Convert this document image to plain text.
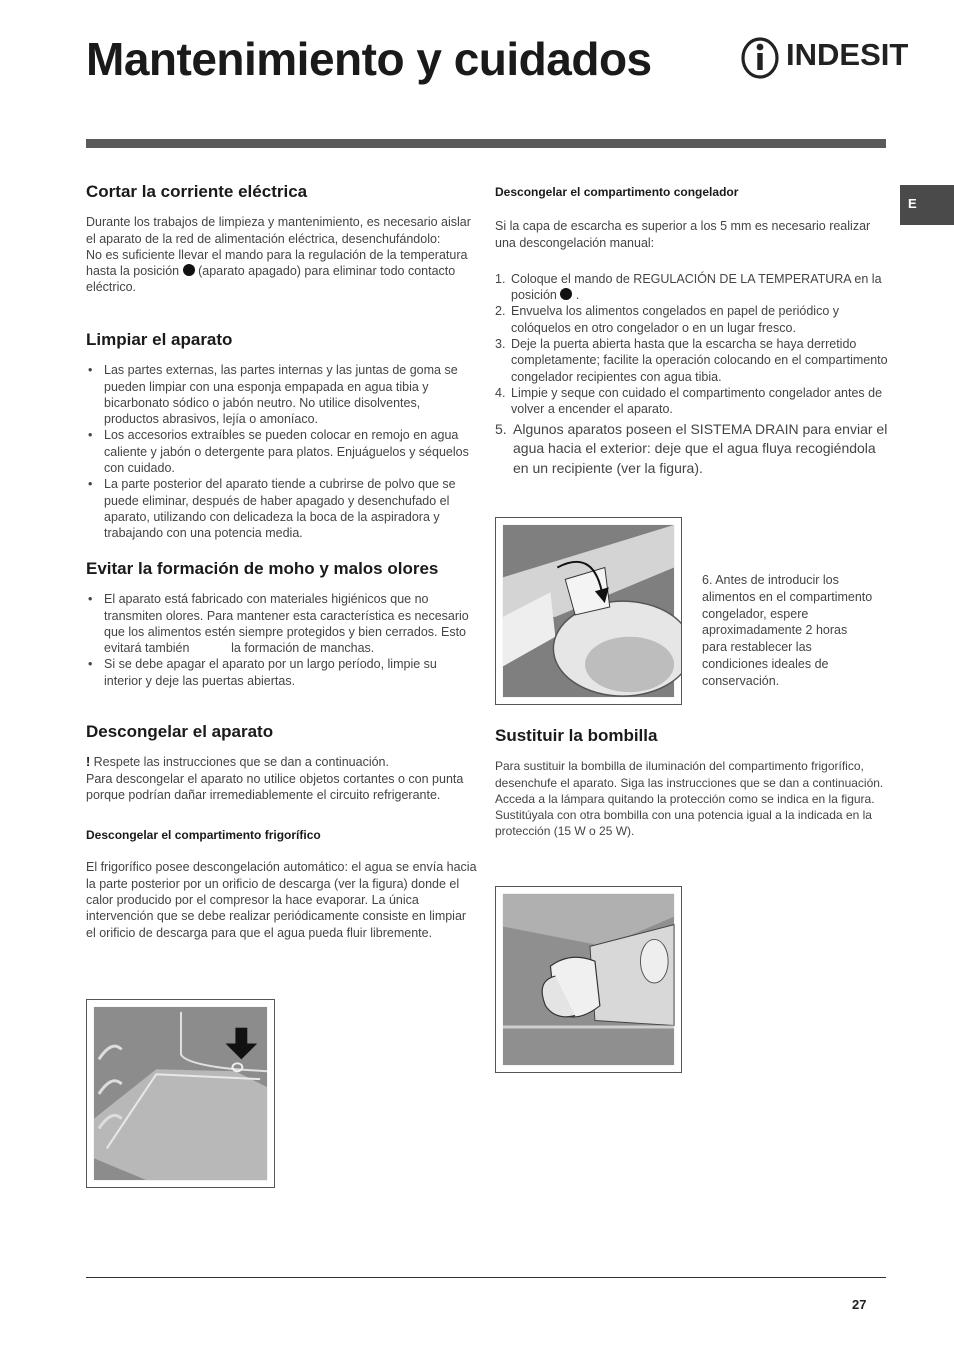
Mantenimiento y cuidados	INDESIT
E
Cortar la corriente eléctrica

Durante los trabajos de limpieza y mantenimiento, es necesario aislar el aparato de la red de alimentación eléctrica, desenchufándolo:

No es suficiente llevar el mando para la regulación de la temperatura hasta la posición (aparato apagado) para eliminar todo contacto eléctrico.

Limpiar el aparato
• Las partes externas, las partes internas y las juntas de goma se pueden limpiar con una esponja empapada en agua tibia y bicarbonato sódico o jabón neutro. No utilice disolventes, productos abrasivos, lejía o amoníaco.
• Los accesorios extraíbles se pueden colocar en remojo en agua caliente y jabón o detergente para platos. Enjuáguelos y séquelos con cuidado.
• La parte posterior del aparato tiende a cubrirse de polvo que se puede eliminar, después de haber apagado y desenchufado el aparato, utilizando con delicadeza la boca de la aspiradora y trabajando con una potencia media.
Evitar la formación de moho y malos olores
• El aparato está fabricado con materiales higiénicos que no transmiten olores. Para mantener esta característica es necesario que los alimentos estén siempre protegidos y bien cerrados. Esto evitará también	la formación de manchas.
• Si se debe apagar el aparato por un largo período, limpie su interior y deje las puertas abiertas.
Descongelar el aparato

! Respete las instrucciones que se dan a continuación.

Para descongelar el aparato no utilice objetos cortantes o con punta porque podrían dañar irremediablemente el circuito refrigerante.

Descongelar el compartimento frigorífico

El frigorífico posee descongelación automático: el agua se envía hacia la parte posterior por un orificio de descarga (ver la figura) donde el calor producido por el compresor la hace evaporar. La única intervención que se debe realizar periódicamente consiste en limpiar el orificio de descarga para que el agua pueda fluir libremente.

Descongelar el compartimento congelador

Si la capa de escarcha es superior a los 5 mm es necesario realizar una descongelación manual:

1. Coloque el mando de REGULACIÓN DE LA TEMPERATURA en la posición .
2. Envuelva los alimentos congelados en papel de periódico y colóquelos en otro congelador o en un lugar fresco.
3. Deje la puerta abierta hasta que la escarcha se haya derretido completamente; facilite la operación colocando en el compartimento congelador recipientes con agua tibia.
4. Limpie y seque con cuidado el compartimento congelador antes de volver a encender el aparato.
5. Algunos aparatos poseen el SISTEMA DRAIN para enviar el agua hacia el exterior: deje que el agua fluya recogiéndola en un recipiente (ver la figura).
6. Antes de introducir los alimentos en el compartimento congelador, espere aproximadamente 2 horas para restablecer las condiciones ideales de conservación.
Sustituir la bombilla

Para sustituir la bombilla de iluminación del compartimento frigorífico, desenchufe el aparato. Siga las instrucciones que se dan a continuación.

Acceda a la lámpara quitando la protección como se indica en la figura. Sustitúyala con otra bombilla con una potencia igual a la indicada en la protección (15 W o 25 W).

27
